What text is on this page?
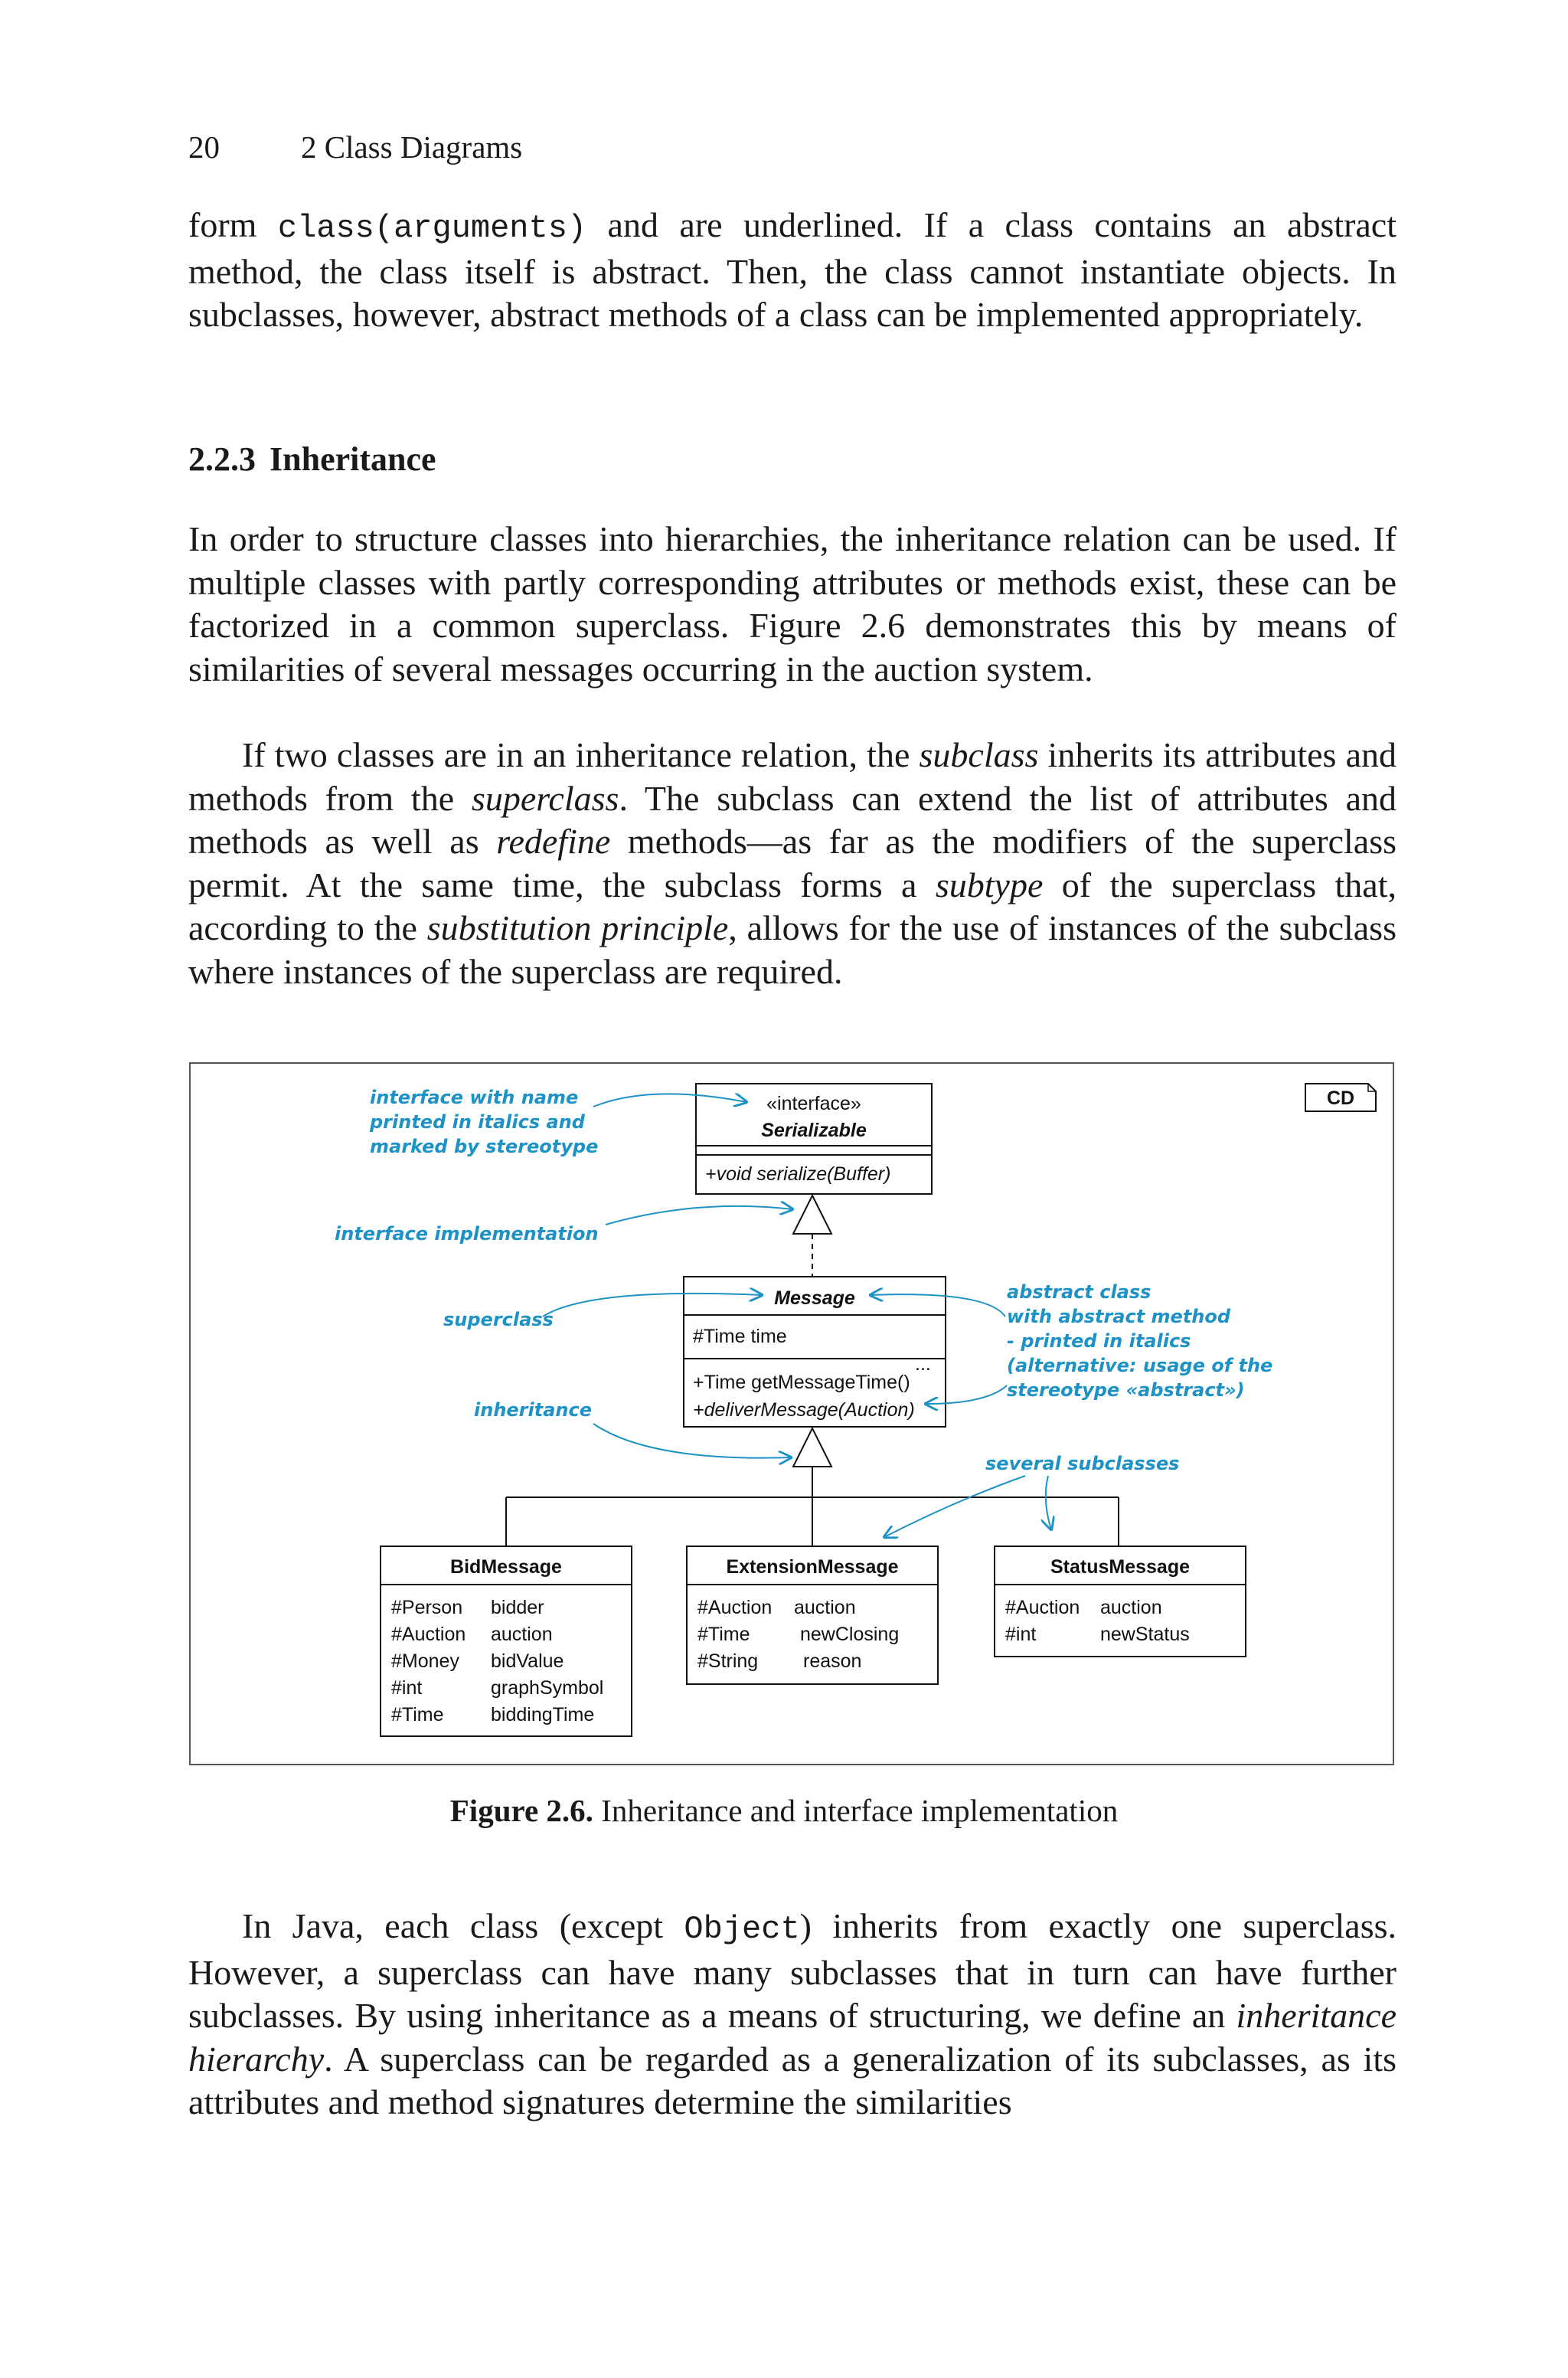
20	2 Class Diagrams

form class(arguments) and are underlined. If a class contains an abstract method, the class itself is abstract. Then, the class cannot instantiate objects. In subclasses, however, abstract methods of a class can be implemented appropriately.

2.2.3 Inheritance

In order to structure classes into hierarchies, the inheritance relation can be used. If multiple classes with partly corresponding attributes or methods exist, these can be factorized in a common superclass. Figure 2.6 demonstrates this by means of similarities of several messages occurring in the auction system.

If two classes are in an inheritance relation, the subclass inherits its attributes and methods from the superclass. The subclass can extend the list of attributes and methods as well as redefine methods—as far as the modifiers of the superclass permit. At the same time, the subclass forms a subtype of the superclass that, according to the substitution principle, allows for the use of instances of the subclass where instances of the superclass are required.

CD
«interface»
Serializable
+void serialize(Buffer)
Message
#Time time
...
+Time getMessageTime()
+deliverMessage(Auction)
BidMessage
#Person bidder
#Auction auction
#Money bidValue
#int	graphSymbol
#Time biddingTime
ExtensionMessage
#Auction auction
#Time	newClosing
#String reason
StatusMessage
#Auction auction
#int	newStatus
interface with name
printed in italics and
marked by stereotype
interface implementation
superclass
inheritance
abstract class
with abstract method
- printed in italics
(alternative: usage of the
stereotype «abstract»)
several subclasses
Figure 2.6. Inheritance and interface implementation

In Java, each class (except Object) inherits from exactly one superclass. However, a superclass can have many subclasses that in turn can have further subclasses. By using inheritance as a means of structuring, we define an inheritance hierarchy. A superclass can be regarded as a generalization of its subclasses, as its attributes and method signatures determine the similarities
